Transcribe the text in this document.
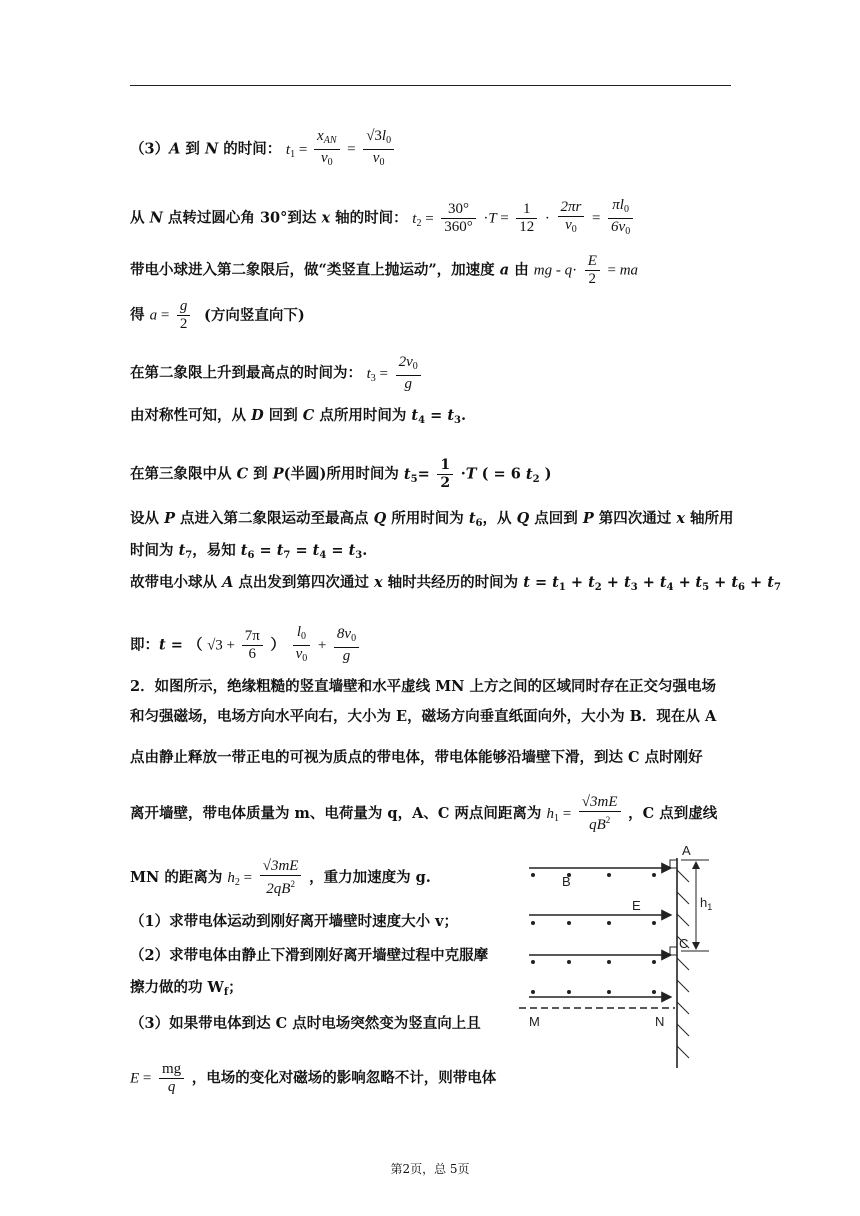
（3）A 到 N 的时间： $t_1 = \frac{x_{AN}}{v_0} = \frac{√3l_0}{v_0}$
从 N 点转过圆心角 30°到达 x 轴的时间： $t_2 = \frac{30^\circ}{360^\circ} \cdot T = \frac{1}{12} \cdot \frac{2\pi r}{v_0} = \frac{\pi l_0}{6v_0}$
带电小球进入第二象限后，做“类竖直上抛运动”，加速度 a 由 mg - $q\cdot \frac{E}{2}$ = ma
得 $a = \frac{g}{2}$ (方向竖直向下)
在第二象限上升到最高点的时间为： $t_3 = \frac{2v_0}{g}$
由对称性可知，从 D 回到 C 点所用时间为 $t_4 = t_3$.
在第三象限中从 C 到 P(半圆)所用时间为 $t_5= \frac{1}{2} \cdot T$ ( = 6 $t_2$ )
设从 P 点进入第二象限运动至最高点 Q 所用时间为 $t_6$，从 Q 点回到 P 第四次通过 x 轴所用
时间为 $t_7$，易知 $t_6 = t_7 = t_4 = t_3$.
故带电小球从 A 点出发到第四次通过 x 轴时共经历的时间为 $t = t_1 + t_2 + t_3 + t_4 + t_5 + t_6 + t_7$
即：t = （ $√3 + \frac{7\pi}{6}$ ） $\frac{l_0}{v_0} + \frac{8v_0}{g}$
2．如图所示，绝缘粗糙的竖直墙壁和水平虚线 MN 上方之间的区域同时存在正交匀强电场
和匀强磁场，电场方向水平向右，大小为 E，磁场方向垂直纸面向外，大小为 B．现在从 A
点由静止释放一带正电的可视为质点的带电体，带电体能够沿墙壁下滑，到达 C 点时刚好
离开墙壁，带电体质量为 m、电荷量为 q，A、C 两点间距离为 $h_1 = \frac{√3mE}{qB^2}$ ，C 点到虚线
MN 的距离为 $h_2 = \frac{√3mE}{2qB^2}$ ，重力加速度为 g.
（1）求带电体运动到刚好离开墙壁时速度大小 v；
（2）求带电体由静止下滑到刚好离开墙壁过程中克服摩
擦力做的功 $W_f$；
（3）如果带电体到达 C 点时电场突然变为竖直向上且
$E = \frac{mg}{q}$ ，电场的变化对磁场的影响忽略不计，则带电体
A
B
C
E	$h_1$
M	N
第2页，总 5页
